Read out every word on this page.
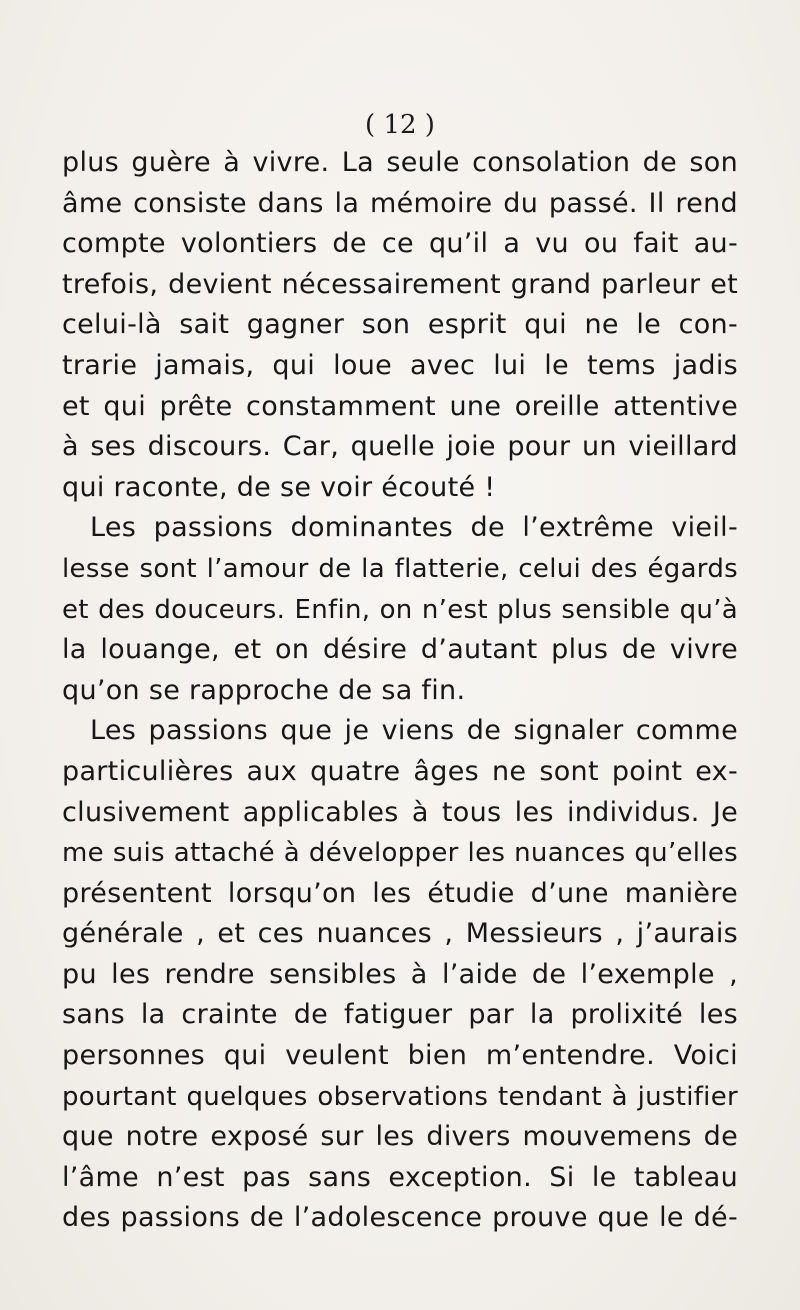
( 12 )
plus guère à vivre. La seule consolation de son
âme consiste dans la mémoire du passé. Il rend
compte volontiers de ce qu’il a vu ou fait au-
trefois, devient nécessairement grand parleur et
celui-là sait gagner son esprit qui ne le con-
trarie jamais, qui loue avec lui le tems jadis
et qui prête constamment une oreille attentive
à ses discours. Car, quelle joie pour un vieillard
qui raconte, de se voir écouté !
Les passions dominantes de l’extrême vieil-
lesse sont l’amour de la flatterie, celui des égards
et des douceurs. Enfin, on n’est plus sensible qu’à
la louange, et on désire d’autant plus de vivre
qu’on se rapproche de sa fin.
Les passions que je viens de signaler comme
particulières aux quatre âges ne sont point ex-
clusivement applicables à tous les individus. Je
me suis attaché à développer les nuances qu’elles
présentent lorsqu’on les étudie d’une manière
générale , et ces nuances , Messieurs , j’aurais
pu les rendre sensibles à l’aide de l’exemple ,
sans la crainte de fatiguer par la prolixité les
personnes qui veulent bien m’entendre. Voici
pourtant quelques observations tendant à justifier
que notre exposé sur les divers mouvemens de
l’âme n’est pas sans exception. Si le tableau
des passions de l’adolescence prouve que le dé-
